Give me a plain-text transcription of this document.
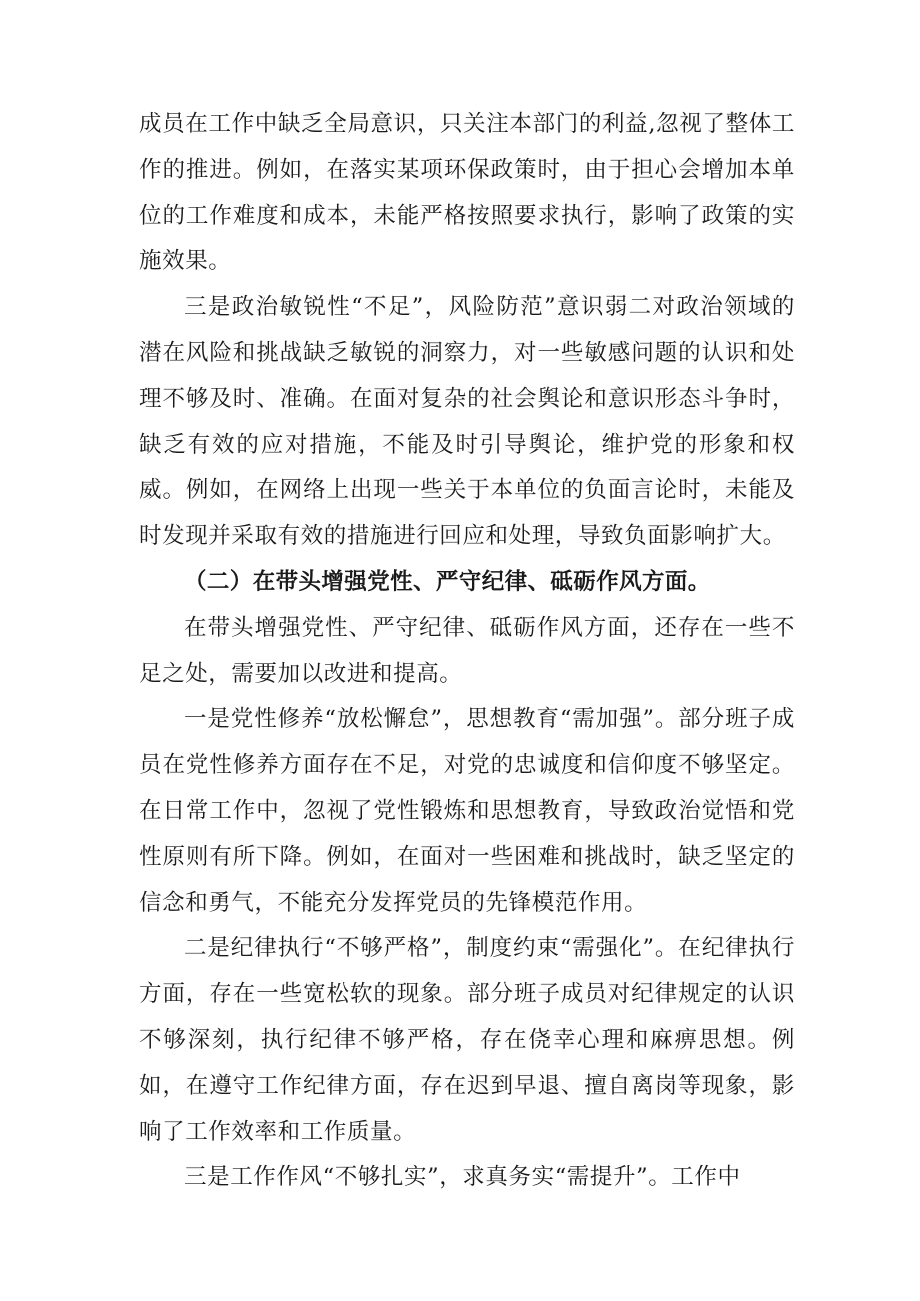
成员在工作中缺乏全局意识，只关注本部门的利益,忽视了整体工作的推进。例如，在落实某项环保政策时，由于担心会增加本单位的工作难度和成本，未能严格按照要求执行，影响了政策的实施效果。

三是政治敏锐性“不足”，风险防范”意识弱二对政治领域的潜在风险和挑战缺乏敏锐的洞察力，对一些敏感问题的认识和处理不够及时、准确。在面对复杂的社会舆论和意识形态斗争时，缺乏有效的应对措施，不能及时引导舆论，维护党的形象和权威。例如，在网络上出现一些关于本单位的负面言论时，未能及时发现并采取有效的措施进行回应和处理，导致负面影响扩大。

（二）在带头增强党性、严守纪律、砥砺作风方面。

在带头增强党性、严守纪律、砥砺作风方面，还存在一些不足之处，需要加以改进和提高。

一是党性修养“放松懈怠”，思想教育“需加强”。部分班子成员在党性修养方面存在不足，对党的忠诚度和信仰度不够坚定。在日常工作中，忽视了党性锻炼和思想教育，导致政治觉悟和党性原则有所下降。例如，在面对一些困难和挑战时，缺乏坚定的信念和勇气，不能充分发挥党员的先锋模范作用。

二是纪律执行“不够严格”，制度约束“需强化”。在纪律执行方面，存在一些宽松软的现象。部分班子成员对纪律规定的认识不够深刻，执行纪律不够严格，存在侥幸心理和麻痹思想。例如，在遵守工作纪律方面，存在迟到早退、擅自离岗等现象，影响了工作效率和工作质量。

三是工作作风“不够扎实”，求真务实“需提升”。工作中
